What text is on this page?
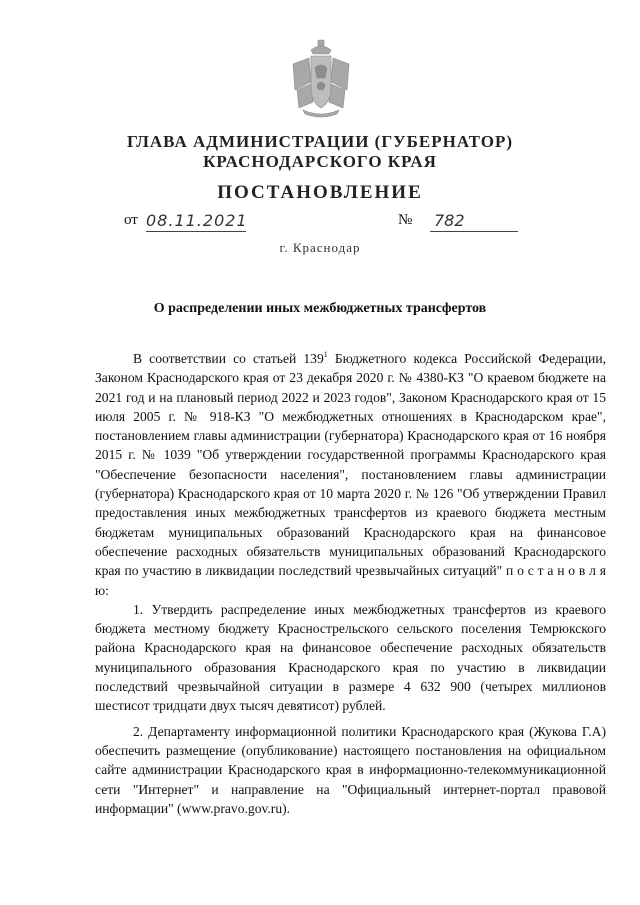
ГЛАВА АДМИНИСТРАЦИИ (ГУБЕРНАТОР)
КРАСНОДАРСКОГО КРАЯ
ПОСТАНОВЛЕНИЕ
от 08.11.2021	№ 782
г. Краснодар
О распределении иных межбюджетных трансфертов

В соответствии со статьей $139^1$ Бюджетного кодекса Российской Федерации, Законом Краснодарского края от 23 декабря 2020 г. № 4380-КЗ "О краевом бюджете на 2021 год и на плановый период 2022 и 2023 годов", Законом Краснодарского края от 15 июля 2005 г. № 918-КЗ "О межбюджетных отношениях в Краснодарском крае", постановлением главы администрации (губернатора) Краснодарского края от 16 ноября 2015 г. № 1039 "Об утверждении государственной программы Краснодарского края "Обеспечение безопасности населения", постановлением главы администрации (губернатора) Краснодарского края от 10 марта 2020 г. № 126 "Об утверждении Правил предоставления иных межбюджетных трансфертов из краевого бюджета местным бюджетам муниципальных образований Краснодарского края на финансовое обеспечение расходных обязательств муниципальных образований Краснодарского края по участию в ликвидации последствий чрезвычайных ситуаций" п о с т а н о в л я ю:

1. Утвердить распределение иных межбюджетных трансфертов из краевого бюджета местному бюджету Краснострельского сельского поселения Темрюкского района Краснодарского края на финансовое обеспечение расходных обязательств муниципального образования Краснодарского края по участию в ликвидации последствий чрезвычайной ситуации в размере 4 632 900 (четырех миллионов шестисот тридцати двух тысяч девятисот) рублей.

2. Департаменту информационной политики Краснодарского края (Жукова Г.А) обеспечить размещение (опубликование) настоящего постановления на официальном сайте администрации Краснодарского края в информационно-телекоммуникационной сети "Интернет" и направление на "Официальный интернет-портал правовой информации" (www.pravo.gov.ru).
